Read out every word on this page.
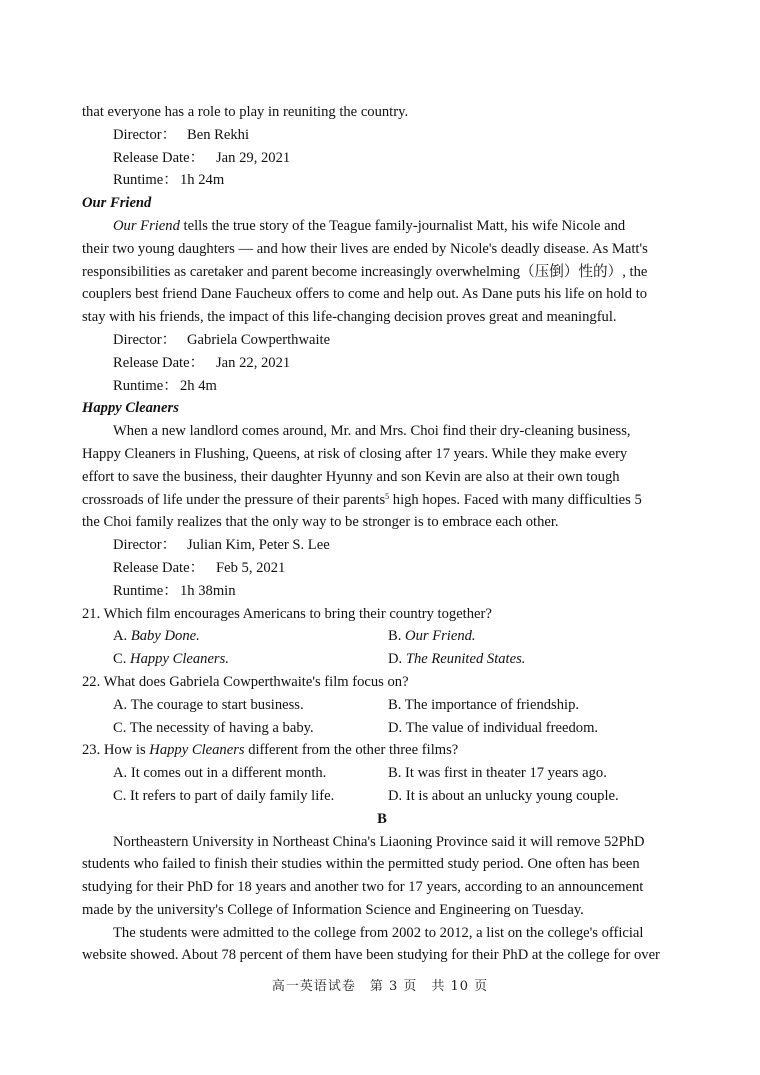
that everyone has a role to play in reuniting the country.
Director： Ben Rekhi
Release Date： Jan 29, 2021
Runtime： 1h 24m
Our Friend
Our Friend tells the true story of the Teague family-journalist Matt, his wife Nicole and
their two young daughters — and how their lives are ended by Nicole's deadly disease. As Matt's
responsibilities as caretaker and parent become increasingly overwhelming（压倒）性的）, the
couplers best friend Dane Faucheux offers to come and help out. As Dane puts his life on hold to
stay with his friends, the impact of this life-changing decision proves great and meaningful.
Director： Gabriela Cowperthwaite
Release Date： Jan 22, 2021
Runtime： 2h 4m
Happy Cleaners
When a new landlord comes around, Mr. and Mrs. Choi find their dry-cleaning business,
Happy Cleaners in Flushing, Queens, at risk of closing after 17 years. While they make every
effort to save the business, their daughter Hyunny and son Kevin are also at their own tough
crossroads of life under the pressure of their parents$^5$ high hopes. Faced with many difficulties 5
the Choi family realizes that the only way to be stronger is to embrace each other.
Director： Julian Kim, Peter S. Lee
Release Date： Feb 5, 2021
Runtime： 1h 38min
21. Which film encourages Americans to bring their country together?
A. Baby Done.	B. Our Friend.
C. Happy Cleaners.	D. The Reunited States.
22. What does Gabriela Cowperthwaite's film focus on?
A. The courage to start business.	B. The importance of friendship.
C. The necessity of having a baby.	D. The value of individual freedom.
23. How is Happy Cleaners different from the other three films?
A. It comes out in a different month.	B. It was first in theater 17 years ago.
C. It refers to part of daily family life.	D. It is about an unlucky young couple.
B
Northeastern University in Northeast China's Liaoning Province said it will remove 52PhD
students who failed to finish their studies within the permitted study period. One often has been
studying for their PhD for 18 years and another two for 17 years, according to an announcement
made by the university's College of Information Science and Engineering on Tuesday.
The students were admitted to the college from 2002 to 2012, a list on the college's official
website showed. About 78 percent of them have been studying for their PhD at the college for over
高一英语试卷　第 3 页　共 10 页
